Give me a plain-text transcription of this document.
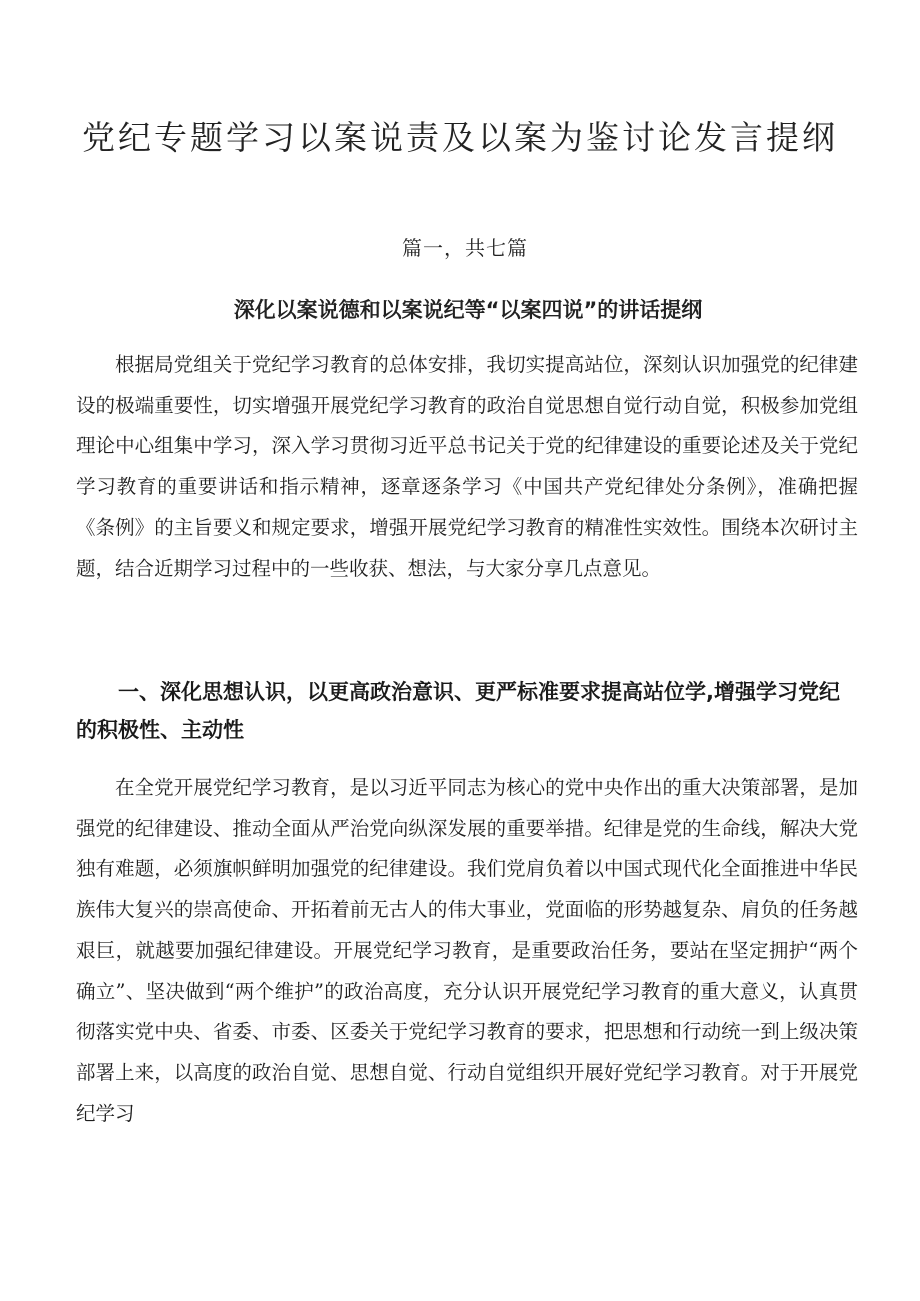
党纪专题学习以案说责及以案为鉴讨论发言提纲
篇一，共七篇
深化以案说德和以案说纪等“以案四说”的讲话提纲

根据局党组关于党纪学习教育的总体安排，我切实提高站位，深刻认识加强党的纪律建设的极端重要性，切实增强开展党纪学习教育的政治自觉思想自觉行动自觉，积极参加党组理论中心组集中学习，深入学习贯彻习近平总书记关于党的纪律建设的重要论述及关于党纪学习教育的重要讲话和指示精神，逐章逐条学习《中国共产党纪律处分条例》，准确把握《条例》的主旨要义和规定要求，增强开展党纪学习教育的精准性实效性。围绕本次研讨主题，结合近期学习过程中的一些收获、想法，与大家分享几点意见。

一、深化思想认识，以更高政治意识、更严标准要求提高站位学,增强学习党纪的积极性、主动性

在全党开展党纪学习教育，是以习近平同志为核心的党中央作出的重大决策部署，是加强党的纪律建设、推动全面从严治党向纵深发展的重要举措。纪律是党的生命线，解决大党独有难题，必须旗帜鲜明加强党的纪律建设。我们党肩负着以中国式现代化全面推进中华民族伟大复兴的崇高使命、开拓着前无古人的伟大事业，党面临的形势越复杂、肩负的任务越艰巨，就越要加强纪律建设。开展党纪学习教育，是重要政治任务，要站在坚定拥护“两个确立”、坚决做到“两个维护”的政治高度，充分认识开展党纪学习教育的重大意义，认真贯彻落实党中央、省委、市委、区委关于党纪学习教育的要求，把思想和行动统一到上级决策部署上来，以高度的政治自觉、思想自觉、行动自觉组织开展好党纪学习教育。对于开展党纪学习
